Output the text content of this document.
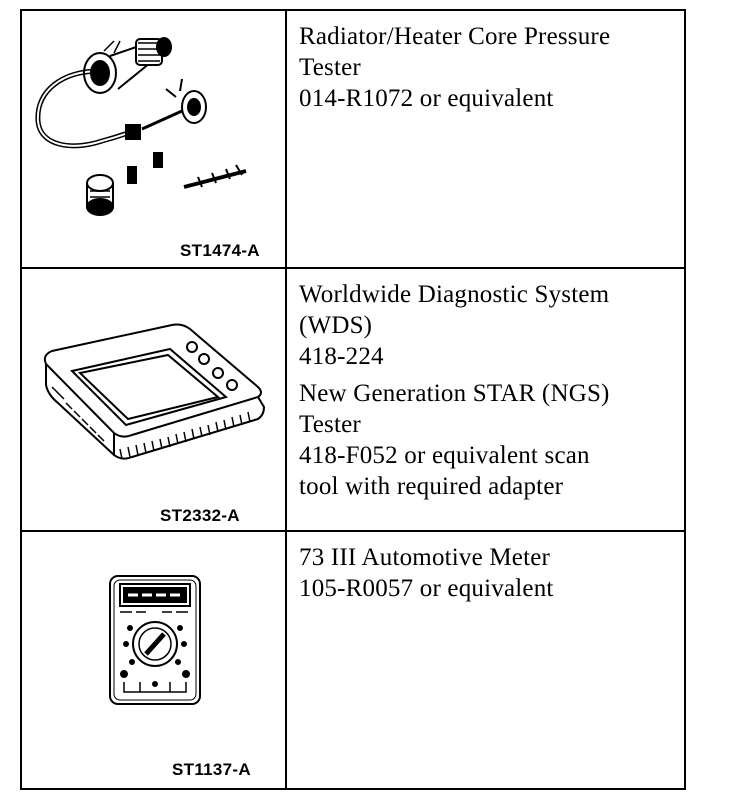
ST1474-A
Radiator/Heater Core Pressure
Tester
014-R1072 or equivalent
ST2332-A
Worldwide Diagnostic System
(WDS)
418-224
New Generation STAR (NGS)
Tester
418-F052 or equivalent scan
tool with required adapter
ST1137-A
73 III Automotive Meter
105-R0057 or equivalent
